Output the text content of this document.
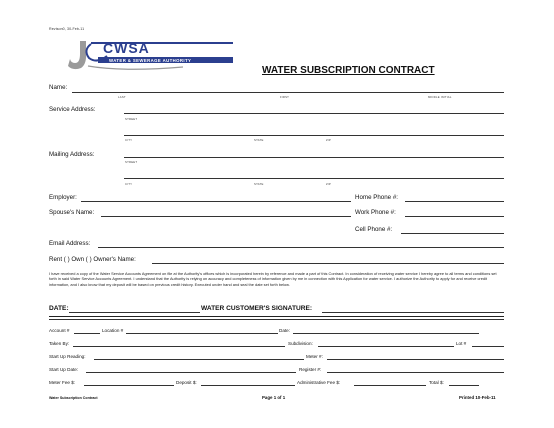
Revison0, 30-Feb-11
CWSA
WATER & SEWERAGE AUTHORITY
WATER SUBSCRIPTION CONTRACT
Name:
LAST	FIRST	MIDDLE INITIAL
Service Address:
STREET
CITY	STATE	ZIP
Mailing Address:
STREET
CITY	STATE	ZIP
Employer:	Home Phone #:
Spouse's Name:	Work Phone #:
Cell Phone #:
Email Address:
Rent ( ) Own ( ) Owner's Name:
I have received a copy of the Water Service Accounts Agreement on file at the Authority's offices which is incorporated herein by reference and made a part of this Contract. In consideration of receiving water service I hereby agree to all terms and conditions set forth in said Water Service Accounts Agreement. I understand that the Authority is relying on accuracy and completeness of information given by me in connection with this Application for water service. I authorize the Authority to apply for and receive credit information, and I also know that my deposit will be based on previous credit history. Executed under hand and seal the date set forth below.
DATE:	WATER CUSTOMER'S SIGNATURE:
Account #	Location #	Date:
Taken By:	Subdivision:	Lot #
Start Up Reading:	Meter #:
Start Up Date:	Register #:
Meter Fee $:	Deposit $:	Administrative Fee $:	Total $:
Water Subscription Contract	Page 1 of 1	Printed 10-Feb-11
